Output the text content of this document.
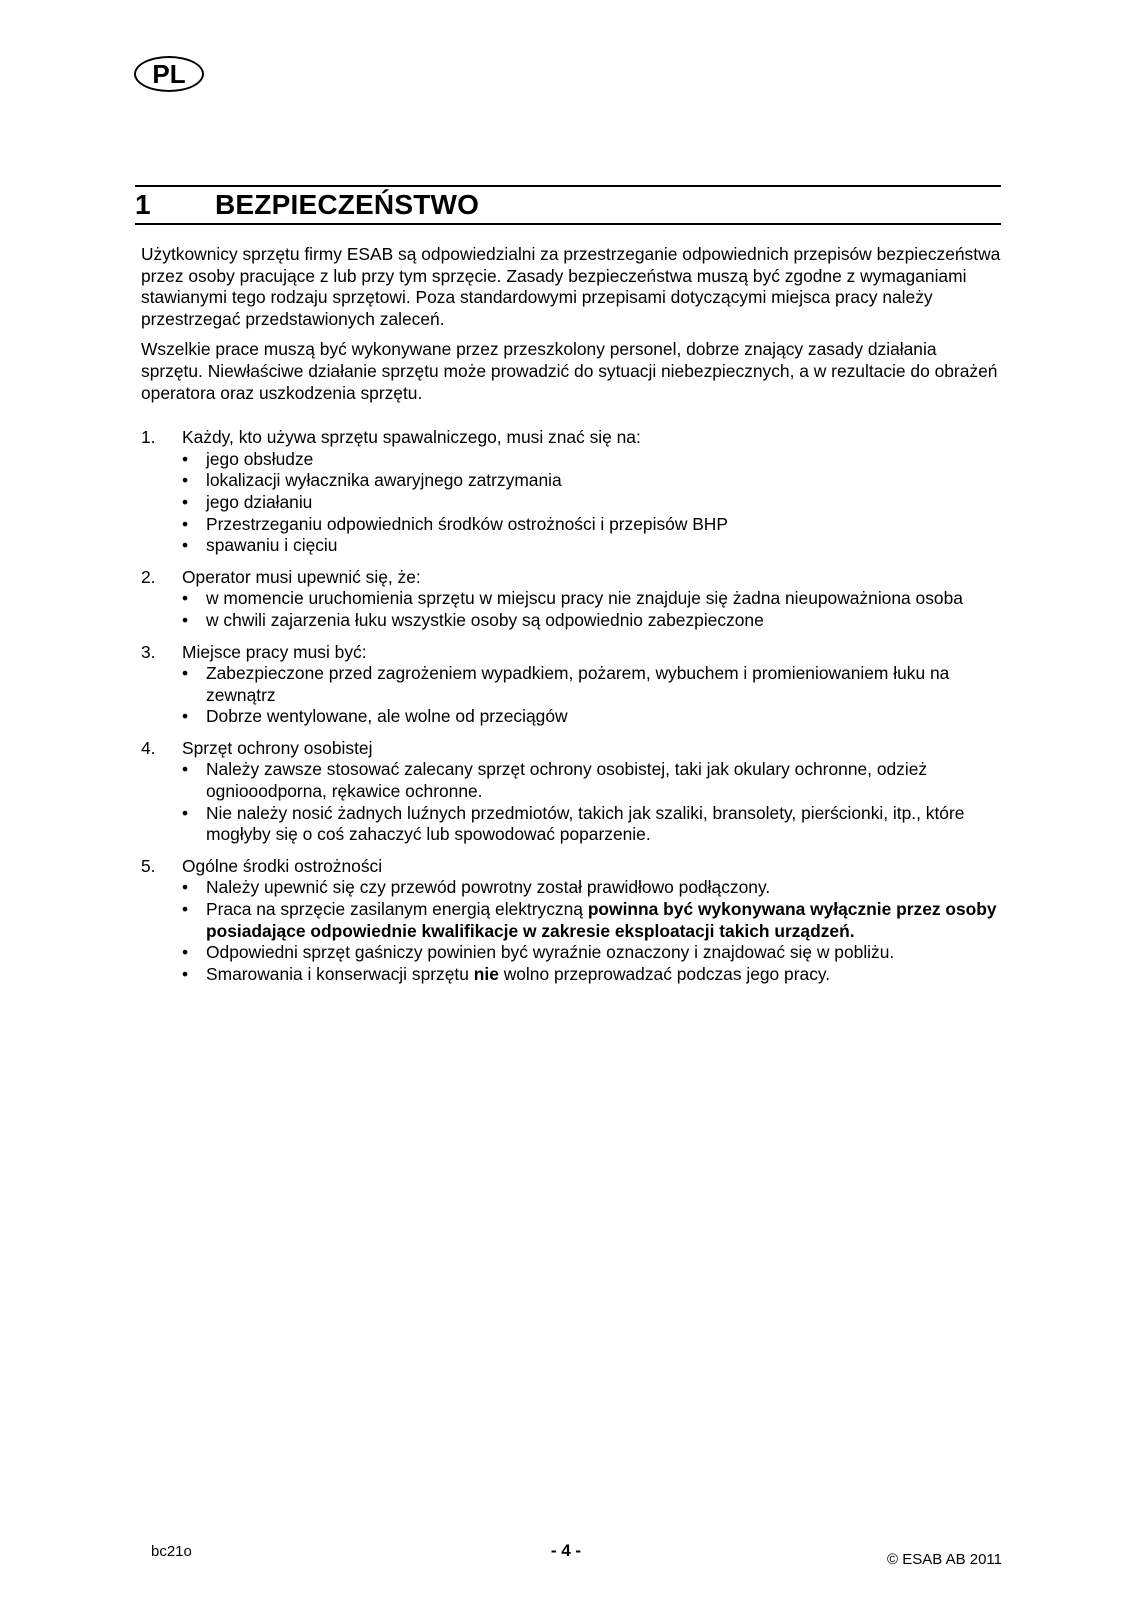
PL
1	BEZPIECZEŃSTWO

Użytkownicy sprzętu firmy ESAB są odpowiedzialni za przestrzeganie odpowiednich przepisów bezpieczeństwa przez osoby pracujące z lub przy tym sprzęcie. Zasady bezpieczeństwa muszą być zgodne z wymaganiami stawianymi tego rodzaju sprzętowi. Poza standardowymi przepisami dotyczącymi miejsca pracy należy przestrzegać przedstawionych zaleceń.

Wszelkie prace muszą być wykonywane przez przeszkolony personel, dobrze znający zasady działania sprzętu. Niewłaściwe działanie sprzętu może prowadzić do sytuacji niebezpiecznych, a w rezultacie do obrażeń operatora oraz uszkodzenia sprzętu.

1.	Każdy, kto używa sprzętu spawalniczego, musi znać się na:
•	jego obsłudze
•	lokalizacji wyłacznika awaryjnego zatrzymania
•	jego działaniu
•	Przestrzeganiu odpowiednich środków ostrożności i przepisów BHP
•	spawaniu i cięciu
2.	Operator musi upewnić się, że:
•	w momencie uruchomienia sprzętu w miejscu pracy nie znajduje się żadna nieupoważniona osoba
•	w chwili zajarzenia łuku wszystkie osoby są odpowiednio zabezpieczone
3.	Miejsce pracy musi być:
•	Zabezpieczone przed zagrożeniem wypadkiem, pożarem, wybuchem i promieniowaniem łuku na zewnątrz
•	Dobrze wentylowane, ale wolne od przeciągów
4.	Sprzęt ochrony osobistej
•	Należy zawsze stosować zalecany sprzęt ochrony osobistej, taki jak okulary ochronne, odzież ogniooodporna, rękawice ochronne.
•	Nie należy nosić żadnych luźnych przedmiotów, takich jak szaliki, bransolety, pierścionki, itp., które mogłyby się o coś zahaczyć lub spowodować poparzenie.
5.	Ogólne środki ostrożności
•	Należy upewnić się czy przewód powrotny został prawidłowo podłączony.
•	Praca na sprzęcie zasilanym energią elektryczną powinna być wykonywana wyłącznie przez osoby posiadające odpowiednie kwalifikacje w zakresie eksploatacji takich urządzeń.
•	Odpowiedni sprzęt gaśniczy powinien być wyraźnie oznaczony i znajdować się w pobliżu.
•	Smarowania i konserwacji sprzętu nie wolno przeprowadzać podczas jego pracy.
bc21o	- 4 -	© ESAB AB 2011
